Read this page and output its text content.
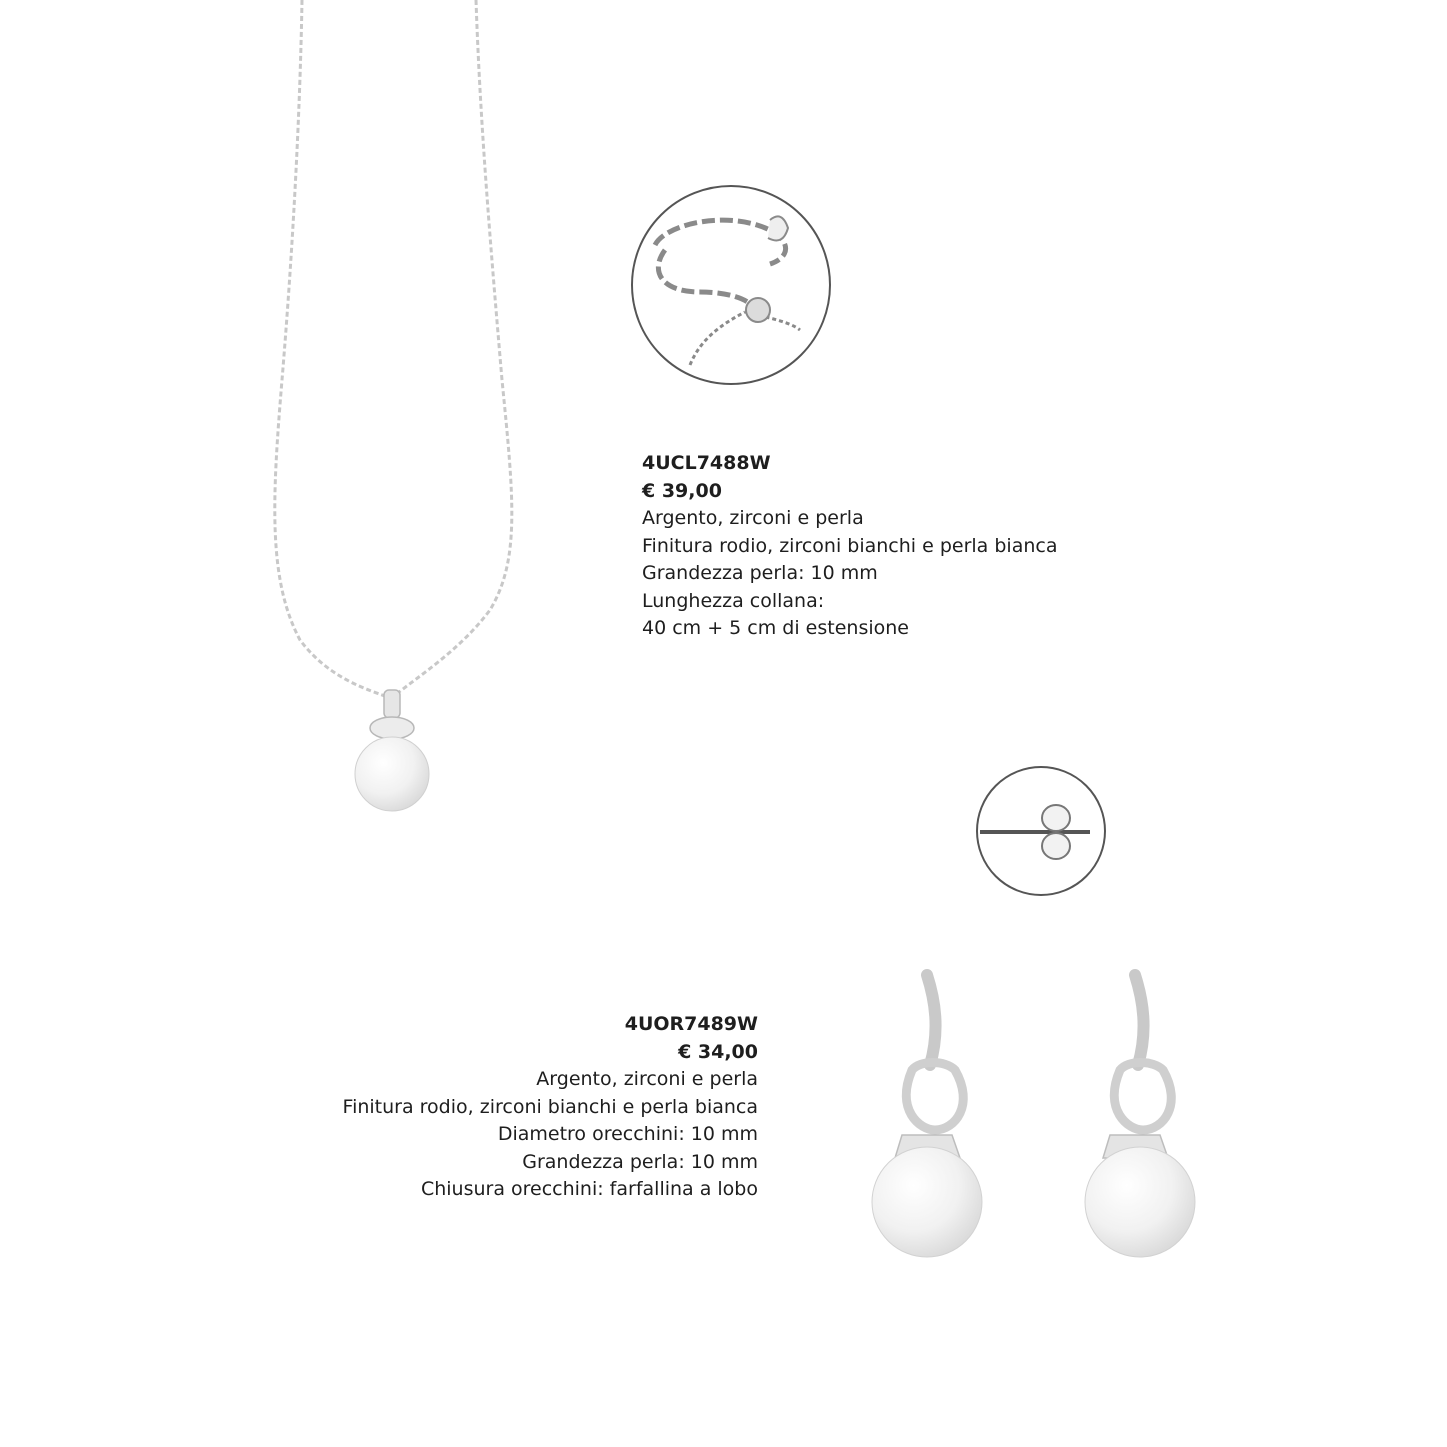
4UCL7488W
€ 39,00
Argento, zirconi e perla
Finitura rodio, zirconi bianchi e perla bianca
Grandezza perla: 10 mm
Lunghezza collana:
40 cm + 5 cm di estensione
4UOR7489W
€ 34,00
Argento, zirconi e perla
Finitura rodio, zirconi bianchi e perla bianca
Diametro orecchini: 10 mm
Grandezza perla: 10 mm
Chiusura orecchini: farfallina a lobo
